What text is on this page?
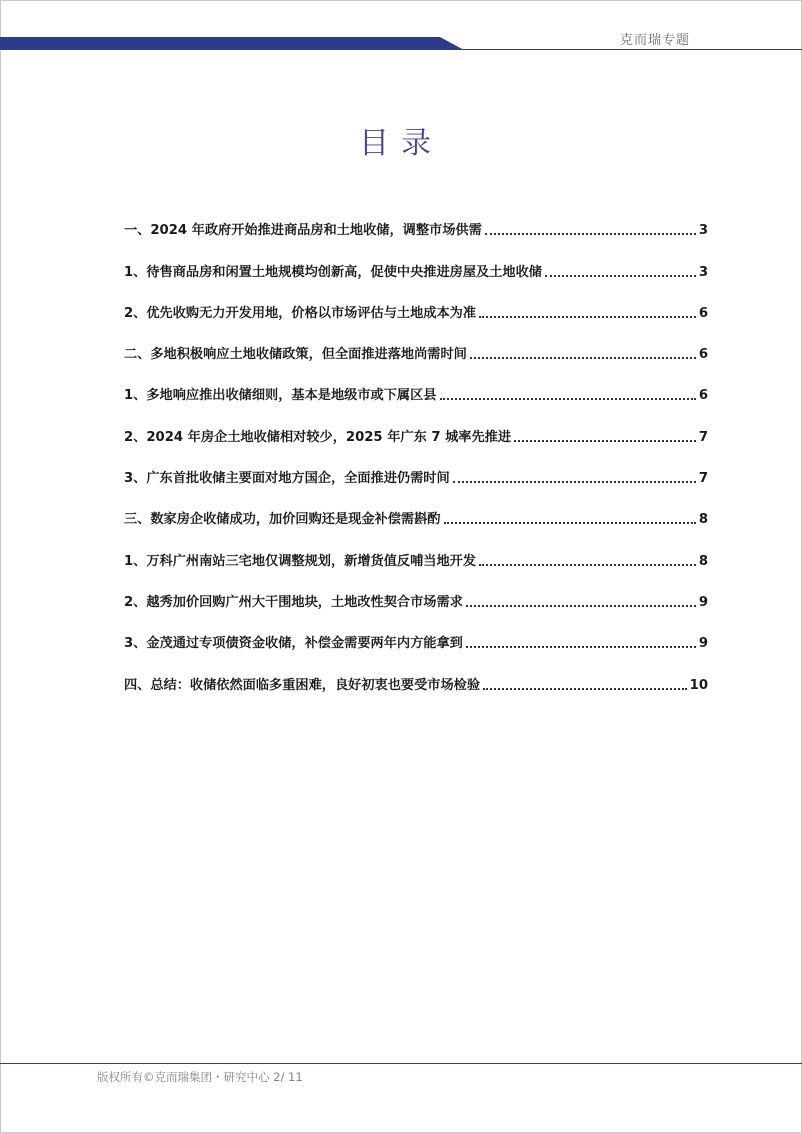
克而瑞专题
目录
一、2024 年政府开始推进商品房和土地收储，调整市场供需	3
1、待售商品房和闲置土地规模均创新高，促使中央推进房屋及土地收储	3
2、优先收购无力开发用地，价格以市场评估与土地成本为准	6
二、多地积极响应土地收储政策，但全面推进落地尚需时间	6
1、多地响应推出收储细则，基本是地级市或下属区县	6
2、2024 年房企土地收储相对较少，2025 年广东 7 城率先推进	7
3、广东首批收储主要面对地方国企，全面推进仍需时间	7
三、数家房企收储成功，加价回购还是现金补偿需斟酌	8
1、万科广州南站三宅地仅调整规划，新增货值反哺当地开发	8
2、越秀加价回购广州大干围地块，土地改性契合市场需求	9
3、金茂通过专项债资金收储，补偿金需要两年内方能拿到	9
四、总结：收储依然面临多重困难，良好初衷也要受市场检验	10
版权所有©克而瑞集团・研究中心 2/ 11
